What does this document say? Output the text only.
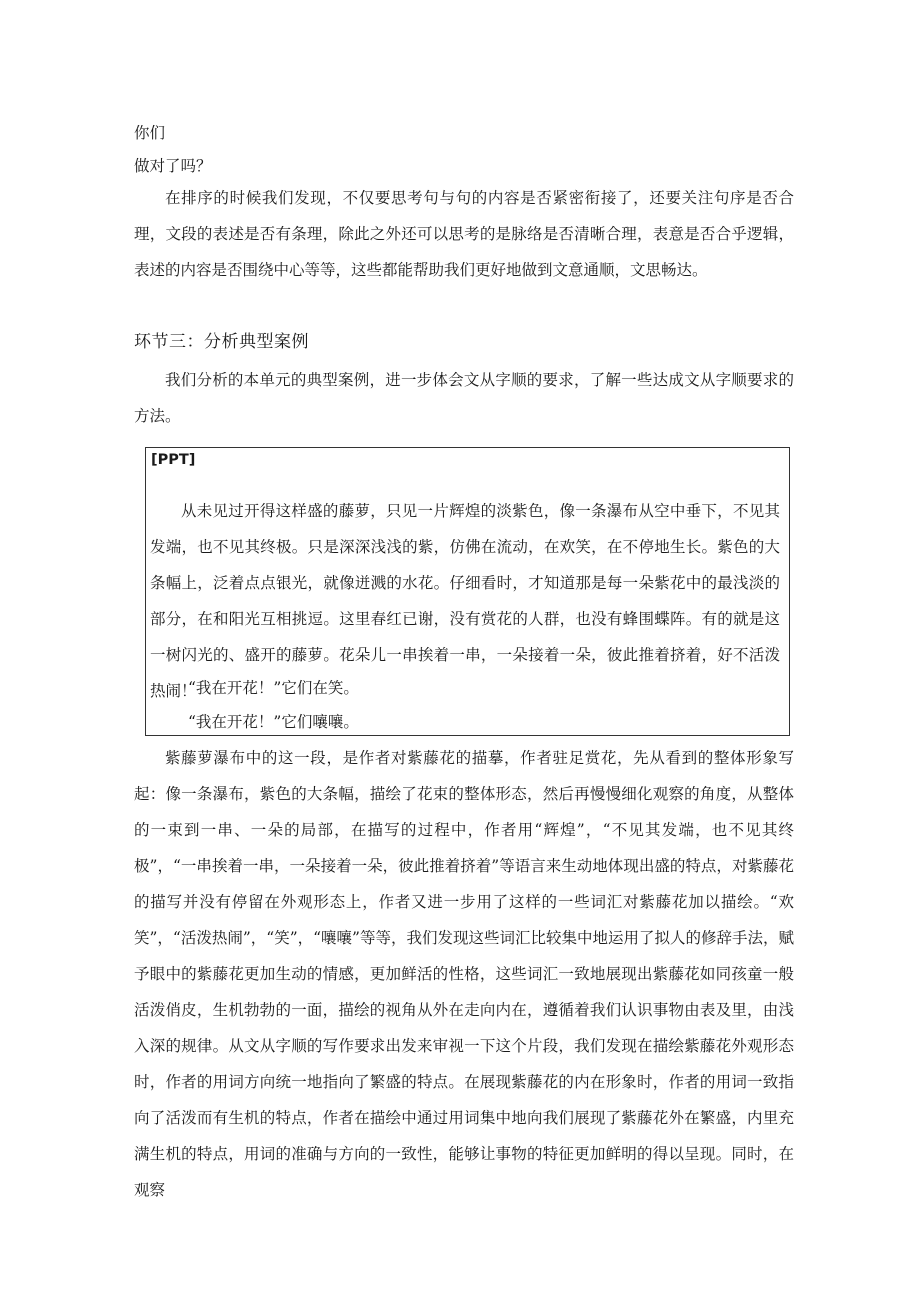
你们
做对了吗？
在排序的时候我们发现，不仅要思考句与句的内容是否紧密衔接了，还要关注句序是否合理，文段的表述是否有条理，除此之外还可以思考的是脉络是否清晰合理，表意是否合乎逻辑，表述的内容是否围绕中心等等，这些都能帮助我们更好地做到文意通顺，文思畅达。
环节三：分析典型案例
我们分析的本单元的典型案例，进一步体会文从字顺的要求，了解一些达成文从字顺要求的方法。
[PPT]
从未见过开得这样盛的藤萝，只见一片辉煌的淡紫色，像一条瀑布从空中垂下，不见其发端，也不见其终极。只是深深浅浅的紫，仿佛在流动，在欢笑，在不停地生长。紫色的大条幅上，泛着点点银光，就像迸溅的水花。仔细看时，才知道那是每一朵紫花中的最浅淡的部分，在和阳光互相挑逗。这里春红已谢，没有赏花的人群，也没有蜂围蝶阵。有的就是这一树闪光的、盛开的藤萝。花朵儿一串挨着一串，一朵接着一朵，彼此推着挤着，好不活泼热闹！
“我在开花！”它们在笑。
“我在开花！”它们嚷嚷。
紫藤萝瀑布中的这一段，是作者对紫藤花的描摹，作者驻足赏花，先从看到的整体形象写起：像一条瀑布，紫色的大条幅，描绘了花束的整体形态，然后再慢慢细化观察的角度，从整体的一束到一串、一朵的局部，在描写的过程中，作者用“辉煌”，“不见其发端，也不见其终极”，“一串挨着一串，一朵接着一朵，彼此推着挤着”等语言来生动地体现出盛的特点，对紫藤花的描写并没有停留在外观形态上，作者又进一步用了这样的一些词汇对紫藤花加以描绘。“欢笑”，“活泼热闹”，“笑”，“嚷嚷”等等，我们发现这些词汇比较集中地运用了拟人的修辞手法，赋予眼中的紫藤花更加生动的情感，更加鲜活的性格，这些词汇一致地展现出紫藤花如同孩童一般活泼俏皮，生机勃勃的一面，描绘的视角从外在走向内在，遵循着我们认识事物由表及里，由浅入深的规律。从文从字顺的写作要求出发来审视一下这个片段，我们发现在描绘紫藤花外观形态时，作者的用词方向统一地指向了繁盛的特点。在展现紫藤花的内在形象时，作者的用词一致指向了活泼而有生机的特点，作者在描绘中通过用词集中地向我们展现了紫藤花外在繁盛，内里充满生机的特点，用词的准确与方向的一致性，能够让事物的特征更加鲜明的得以呈现。同时，在观察
